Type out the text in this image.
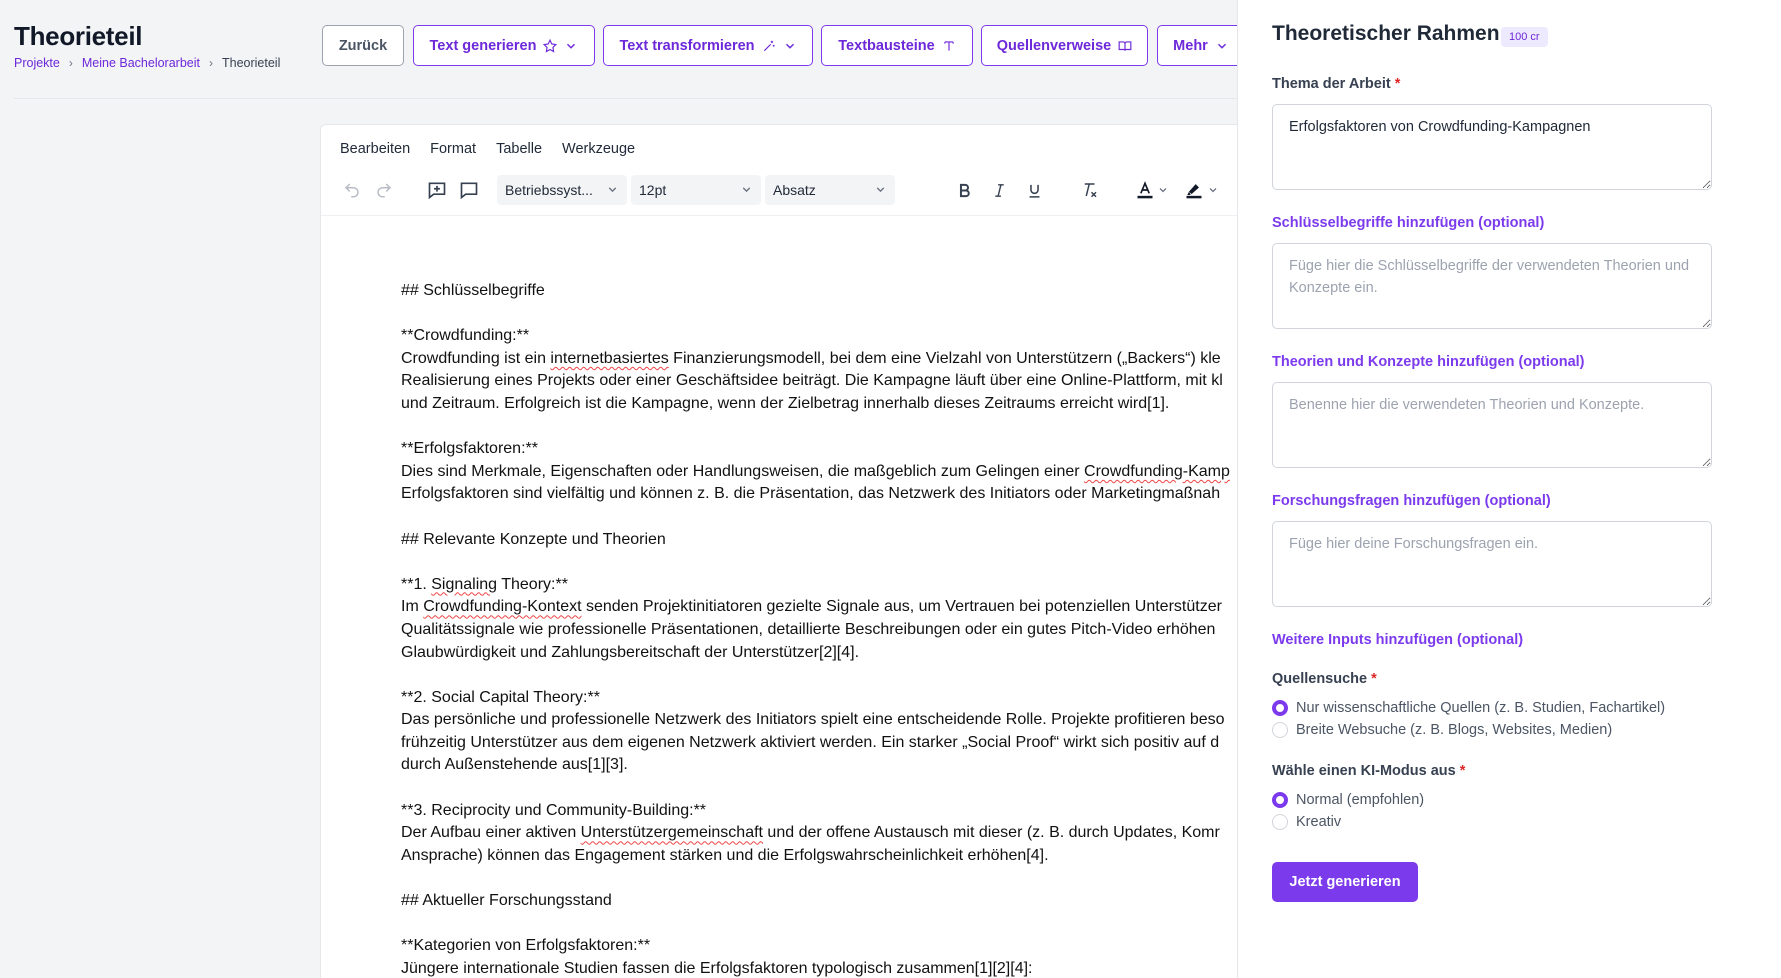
Theorieteil
Projekte › Meine Bachelorarbeit › Theorieteil
Zurück	Text generieren	Text transformieren	Textbausteine	Quellenverweise	Mehr
Bearbeiten Format Tabelle Werkzeuge
Betriebssyst...	12pt	Absatz
## Schlüsselbegriffe
**Crowdfunding:**
Crowdfunding ist ein internetbasiertes Finanzierungsmodell, bei dem eine Vielzahl von Unterstützern („Backers“) kle
Realisierung eines Projekts oder einer Geschäftsidee beiträgt. Die Kampagne läuft über eine Online-Plattform, mit kl
und Zeitraum. Erfolgreich ist die Kampagne, wenn der Zielbetrag innerhalb dieses Zeitraums erreicht wird[1].
**Erfolgsfaktoren:**
Dies sind Merkmale, Eigenschaften oder Handlungsweisen, die maßgeblich zum Gelingen einer Crowdfunding-Kamp
Erfolgsfaktoren sind vielfältig und können z. B. die Präsentation, das Netzwerk des Initiators oder Marketingmaßnah
## Relevante Konzepte und Theorien
**1. Signaling Theory:**
Im Crowdfunding-Kontext senden Projektinitiatoren gezielte Signale aus, um Vertrauen bei potenziellen Unterstützer
Qualitätssignale wie professionelle Präsentationen, detaillierte Beschreibungen oder ein gutes Pitch-Video erhöhen
Glaubwürdigkeit und Zahlungsbereitschaft der Unterstützer[2][4].
**2. Social Capital Theory:**
Das persönliche und professionelle Netzwerk des Initiators spielt eine entscheidende Rolle. Projekte profitieren beso
frühzeitig Unterstützer aus dem eigenen Netzwerk aktiviert werden. Ein starker „Social Proof“ wirkt sich positiv auf d
durch Außenstehende aus[1][3].
**3. Reciprocity und Community-Building:**
Der Aufbau einer aktiven Unterstützergemeinschaft und der offene Austausch mit dieser (z. B. durch Updates, Komr
Ansprache) können das Engagement stärken und die Erfolgswahrscheinlichkeit erhöhen[4].
## Aktueller Forschungsstand
**Kategorien von Erfolgsfaktoren:**
Jüngere internationale Studien fassen die Erfolgsfaktoren typologisch zusammen[1][2][4]:
Theoretischer Rahmen 100 cr
Thema der Arbeit *
Erfolgsfaktoren von Crowdfunding-Kampagnen
Schlüsselbegriffe hinzufügen (optional)
Füge hier die Schlüsselbegriffe der verwendeten Theorien und Konzepte ein.
Theorien und Konzepte hinzufügen (optional)
Benenne hier die verwendeten Theorien und Konzepte.
Forschungsfragen hinzufügen (optional)
Füge hier deine Forschungsfragen ein.
Weitere Inputs hinzufügen (optional)
Quellensuche *
Nur wissenschaftliche Quellen (z. B. Studien, Fachartikel)
Breite Websuche (z. B. Blogs, Websites, Medien)
Wähle einen KI-Modus aus *
Normal (empfohlen)
Kreativ
Jetzt generieren
